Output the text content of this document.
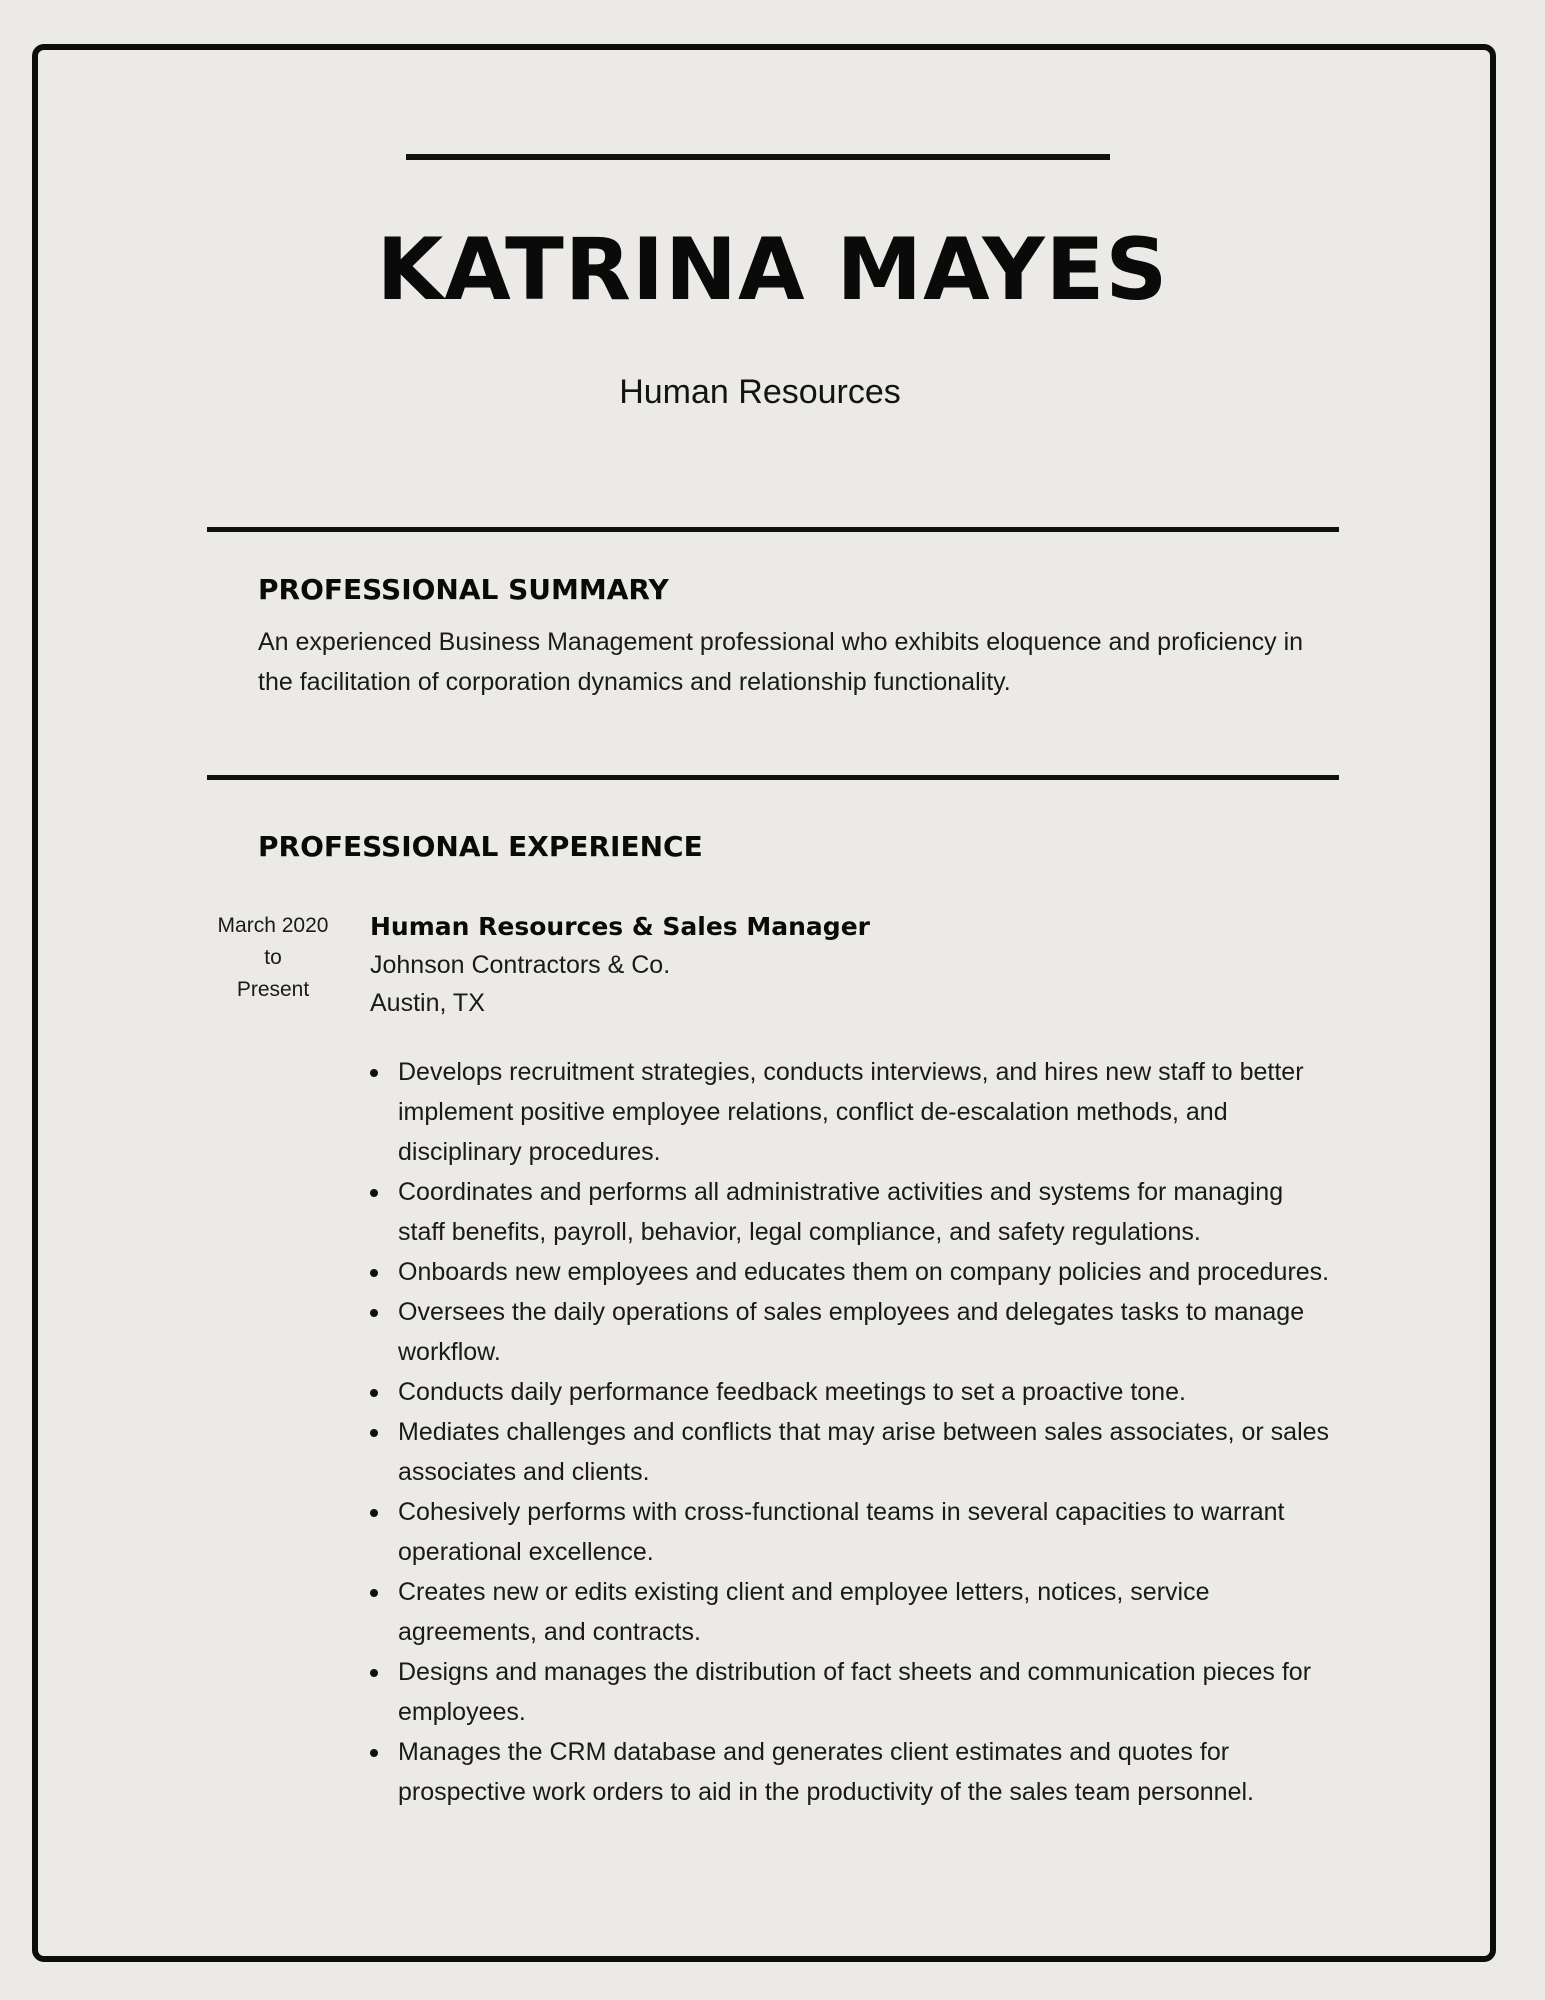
KATRINA MAYES
Human Resources
PROFESSIONAL SUMMARY

An experienced Business Management professional who exhibits eloquence and proficiency in the facilitation of corporation dynamics and relationship functionality.

PROFESSIONAL EXPERIENCE
March 2020
to
Present
Human Resources & Sales Manager
Johnson Contractors & Co.
Austin, TX
Develops recruitment strategies, conducts interviews, and hires new staff to better implement positive employee relations, conflict de-escalation methods, and disciplinary procedures.
Coordinates and performs all administrative activities and systems for managing staff benefits, payroll, behavior, legal compliance, and safety regulations.
Onboards new employees and educates them on company policies and procedures.
Oversees the daily operations of sales employees and delegates tasks to manage workflow.
Conducts daily performance feedback meetings to set a proactive tone.
Mediates challenges and conflicts that may arise between sales associates, or sales associates and clients.
Cohesively performs with cross-functional teams in several capacities to warrant operational excellence.
Creates new or edits existing client and employee letters, notices, service agreements, and contracts.
Designs and manages the distribution of fact sheets and communication pieces for employees.
Manages the CRM database and generates client estimates and quotes for prospective work orders to aid in the productivity of the sales team personnel.
